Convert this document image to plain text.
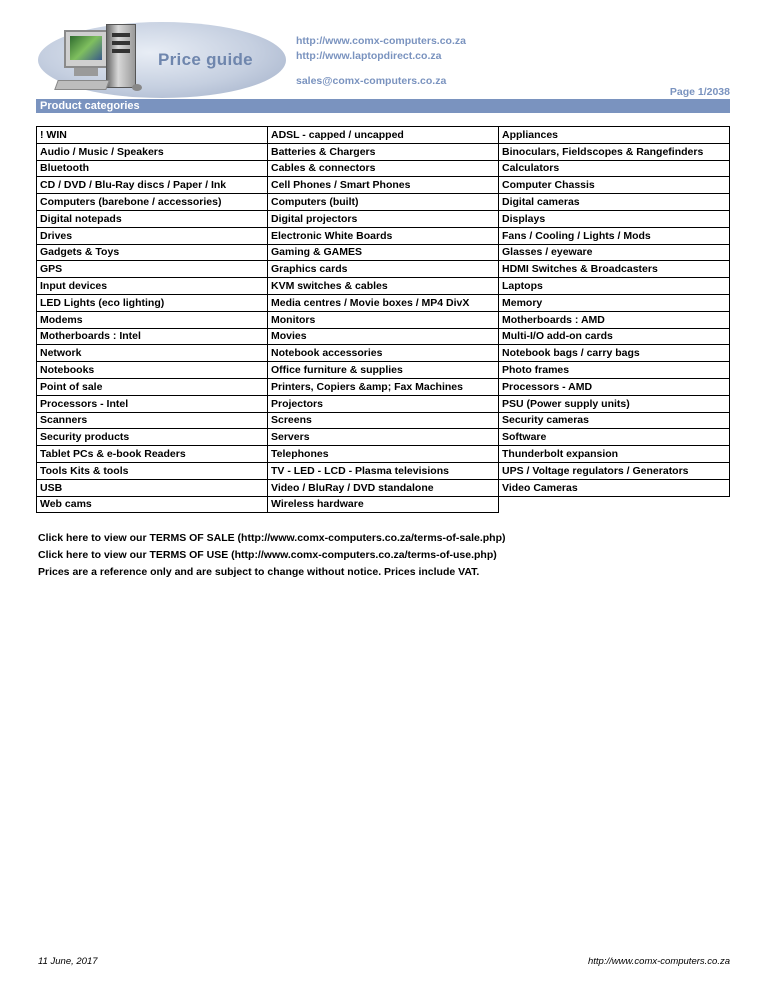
Price guide
http://www.comx-computers.co.za
http://www.laptopdirect.co.za
sales@comx-computers.co.za
Page 1/2038
Product categories
! WIN	ADSL - capped / uncapped	Appliances
Audio / Music / Speakers	Batteries & Chargers	Binoculars, Fieldscopes & Rangefinders
Bluetooth	Cables & connectors	Calculators
CD / DVD / Blu-Ray discs / Paper / Ink	Cell Phones / Smart Phones	Computer Chassis
Computers (barebone / accessories)	Computers (built)	Digital cameras
Digital notepads	Digital projectors	Displays
Drives	Electronic White Boards	Fans / Cooling / Lights / Mods
Gadgets & Toys	Gaming & GAMES	Glasses / eyeware
GPS	Graphics cards	HDMI Switches & Broadcasters
Input devices	KVM switches & cables	Laptops
LED Lights (eco lighting)	Media centres / Movie boxes / MP4 DivX	Memory
Modems	Monitors	Motherboards : AMD
Motherboards : Intel	Movies	Multi-I/O add-on cards
Network	Notebook accessories	Notebook bags / carry bags
Notebooks	Office furniture & supplies	Photo frames
Point of sale	Printers, Copiers &amp; Fax Machines	Processors - AMD
Processors - Intel	Projectors	PSU (Power supply units)
Scanners	Screens	Security cameras
Security products	Servers	Software
Tablet PCs & e-book Readers	Telephones	Thunderbolt expansion
Tools Kits & tools	TV - LED - LCD - Plasma televisions	UPS / Voltage regulators / Generators
USB	Video / BluRay / DVD standalone	Video Cameras
Web cams	Wireless hardware	
Click here to view our TERMS OF SALE (http://www.comx-computers.co.za/terms-of-sale.php)
Click here to view our TERMS OF USE (http://www.comx-computers.co.za/terms-of-use.php)
Prices are a reference only and are subject to change without notice. Prices include VAT.
11 June, 2017	http://www.comx-computers.co.za
